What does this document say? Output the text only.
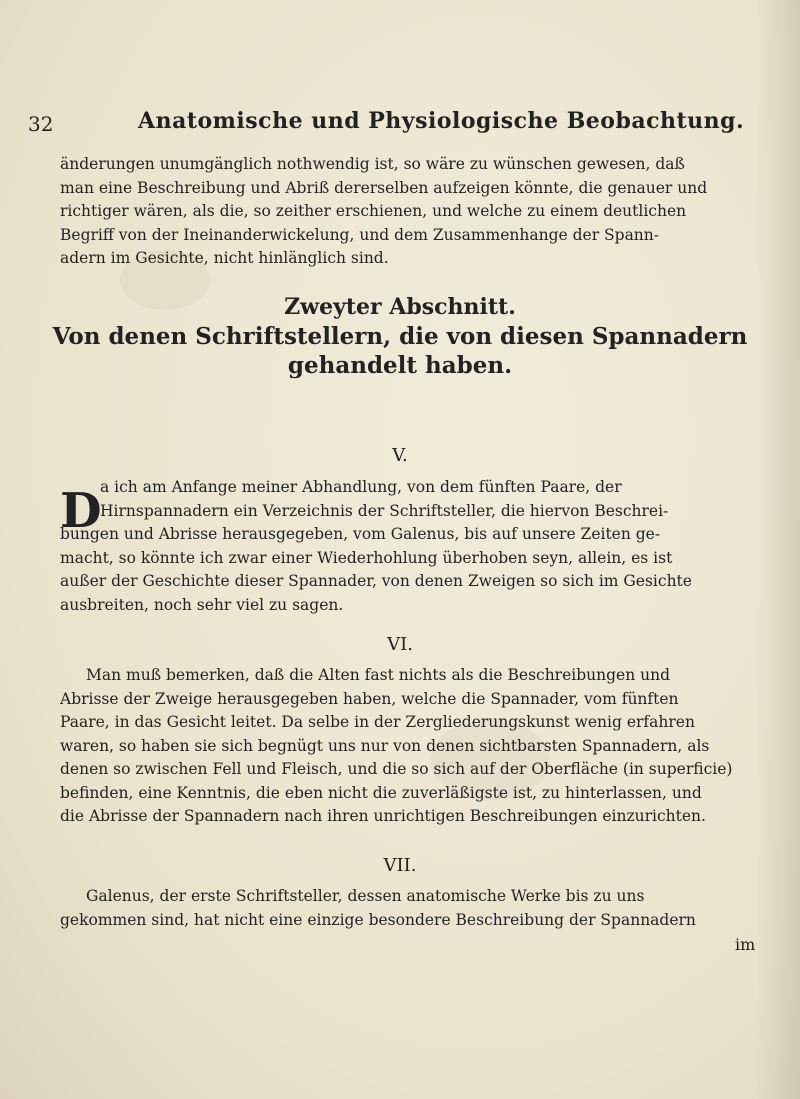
32	Anatomische und Physiologische Beobachtung.
änderungen unumgänglich nothwendig ist, so wäre zu wünschen gewesen, daß
man eine Beschreibung und Abriß dererselben aufzeigen könnte, die genauer und
richtiger wären, als die, so zeither erschienen, und welche zu einem deutlichen
Begriff von der Ineinanderwickelung, und dem Zusammenhange der Spann-
adern im Gesichte, nicht hinlänglich sind.
Zweyter Abschnitt.
Von denen Schriftstellern, die von diesen Spannadern
gehandelt haben.
V.
D
a ich am Anfange meiner Abhandlung, von dem fünften Paare, der
Hirnspannadern ein Verzeichnis der Schriftsteller, die hiervon Beschrei-
bungen und Abrisse herausgegeben, vom Galenus, bis auf unsere Zeiten ge-
macht, so könnte ich zwar einer Wiederhohlung überhoben seyn, allein, es ist
außer der Geschichte dieser Spannader, von denen Zweigen so sich im Gesichte
ausbreiten, noch sehr viel zu sagen.
VI.
Man muß bemerken, daß die Alten fast nichts als die Beschreibungen und
Abrisse der Zweige herausgegeben haben, welche die Spannader, vom fünften
Paare, in das Gesicht leitet. Da selbe in der Zergliederungskunst wenig erfahren
waren, so haben sie sich begnügt uns nur von denen sichtbarsten Spannadern, als
denen so zwischen Fell und Fleisch, und die so sich auf der Oberfläche (in superficie)
befinden, eine Kenntnis, die eben nicht die zuverläßigste ist, zu hinterlassen, und
die Abrisse der Spannadern nach ihren unrichtigen Beschreibungen einzurichten.
VII.
Galenus, der erste Schriftsteller, dessen anatomische Werke bis zu uns
gekommen sind, hat nicht eine einzige besondere Beschreibung der Spannadern
im
